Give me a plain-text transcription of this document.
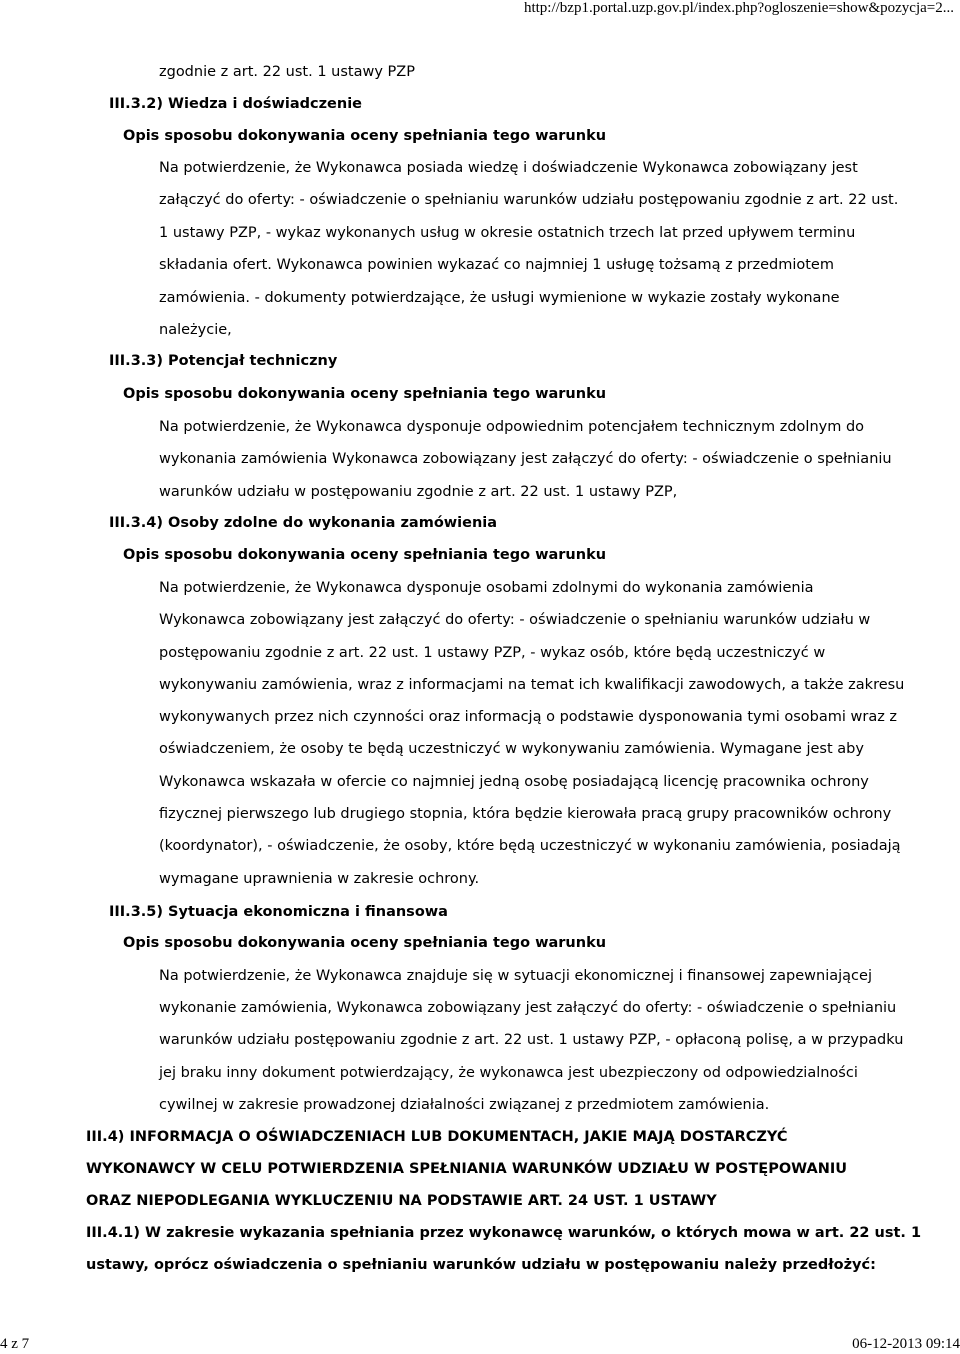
http://bzp1.portal.uzp.gov.pl/index.php?ogloszenie=show&pozycja=2...
zgodnie z art. 22 ust. 1 ustawy PZP
III.3.2) Wiedza i doświadczenie
Opis sposobu dokonywania oceny spełniania tego warunku
Na potwierdzenie, że Wykonawca posiada wiedzę i doświadczenie Wykonawca zobowiązany jest
załączyć do oferty: - oświadczenie o spełnianiu warunków udziału postępowaniu zgodnie z art. 22 ust.
1 ustawy PZP, - wykaz wykonanych usług w okresie ostatnich trzech lat przed upływem terminu
składania ofert. Wykonawca powinien wykazać co najmniej 1 usługę tożsamą z przedmiotem
zamówienia. - dokumenty potwierdzające, że usługi wymienione w wykazie zostały wykonane
należycie,
III.3.3) Potencjał techniczny
Opis sposobu dokonywania oceny spełniania tego warunku
Na potwierdzenie, że Wykonawca dysponuje odpowiednim potencjałem technicznym zdolnym do
wykonania zamówienia Wykonawca zobowiązany jest załączyć do oferty: - oświadczenie o spełnianiu
warunków udziału w postępowaniu zgodnie z art. 22 ust. 1 ustawy PZP,
III.3.4) Osoby zdolne do wykonania zamówienia
Opis sposobu dokonywania oceny spełniania tego warunku
Na potwierdzenie, że Wykonawca dysponuje osobami zdolnymi do wykonania zamówienia
Wykonawca zobowiązany jest załączyć do oferty: - oświadczenie o spełnianiu warunków udziału w
postępowaniu zgodnie z art. 22 ust. 1 ustawy PZP, - wykaz osób, które będą uczestniczyć w
wykonywaniu zamówienia, wraz z informacjami na temat ich kwalifikacji zawodowych, a także zakresu
wykonywanych przez nich czynności oraz informacją o podstawie dysponowania tymi osobami wraz z
oświadczeniem, że osoby te będą uczestniczyć w wykonywaniu zamówienia. Wymagane jest aby
Wykonawca wskazała w ofercie co najmniej jedną osobę posiadającą licencję pracownika ochrony
fizycznej pierwszego lub drugiego stopnia, która będzie kierowała pracą grupy pracowników ochrony
(koordynator), - oświadczenie, że osoby, które będą uczestniczyć w wykonaniu zamówienia, posiadają
wymagane uprawnienia w zakresie ochrony.
III.3.5) Sytuacja ekonomiczna i finansowa
Opis sposobu dokonywania oceny spełniania tego warunku
Na potwierdzenie, że Wykonawca znajduje się w sytuacji ekonomicznej i finansowej zapewniającej
wykonanie zamówienia, Wykonawca zobowiązany jest załączyć do oferty: - oświadczenie o spełnianiu
warunków udziału postępowaniu zgodnie z art. 22 ust. 1 ustawy PZP, - opłaconą polisę, a w przypadku
jej braku inny dokument potwierdzający, że wykonawca jest ubezpieczony od odpowiedzialności
cywilnej w zakresie prowadzonej działalności związanej z przedmiotem zamówienia.
III.4) INFORMACJA O OŚWIADCZENIACH LUB DOKUMENTACH, JAKIE MAJĄ DOSTARCZYĆ
WYKONAWCY W CELU POTWIERDZENIA SPEŁNIANIA WARUNKÓW UDZIAŁU W POSTĘPOWANIU
ORAZ NIEPODLEGANIA WYKLUCZENIU NA PODSTAWIE ART. 24 UST. 1 USTAWY
III.4.1) W zakresie wykazania spełniania przez wykonawcę warunków, o których mowa w art. 22 ust. 1
ustawy, oprócz oświadczenia o spełnianiu warunków udziału w postępowaniu należy przedłożyć:
4 z 7	06-12-2013 09:14
